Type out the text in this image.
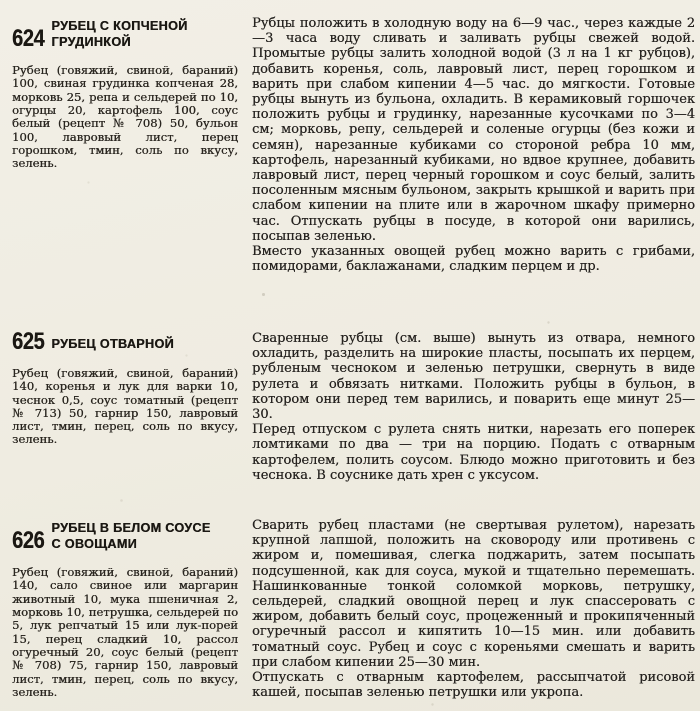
624 РУБЕЦ С КОПЧЕНОЙ
ГРУДИНКОЙ
Рубец (говяжий, свиной, бараний) 100, свиная грудинка копченая 28, морковь 25, репа и сельдерей по 10, огурцы 20, картофель 100, соус белый (рецепт № 708) 50, бульон 100, лавровый лист, перец горошком, тмин, соль по вкусу, зелень.

Рубцы положить в холодную воду на 6—9 час., через каждые 2—3 часа воду сливать и заливать рубцы свежей водой. Промытые рубцы залить холодной водой (3 л на 1 кг рубцов), добавить коренья, соль, лавровый лист, перец горошком и варить при слабом кипении 4—5 час. до мягкости. Готовые рубцы вынуть из бульона, охладить. В керамиковый горшочек положить рубцы и грудинку, нарезанные кусочками по 3—4 см; морковь, репу, сельдерей и соленые огурцы (без кожи и семян), нарезанные кубиками со стороной ребра 10 мм, картофель, нарезанный кубиками, но вдвое крупнее, добавить лавровый лист, перец черный горошком и соус белый, залить посоленным мясным бульоном, закрыть крышкой и варить при слабом кипении на плите или в жарочном шкафу примерно час. Отпускать рубцы в посуде, в которой они варились, посыпав зеленью.

Вместо указанных овощей рубец можно варить с грибами, помидорами, баклажанами, сладким перцем и др.

625 РУБЕЦ ОТВАРНОЙ
Рубец (говяжий, свиной, бараний) 140, коренья и лук для варки 10, чеснок 0,5, соус томатный (рецепт № 713) 50, гарнир 150, лавровый лист, тмин, перец, соль по вкусу, зелень.

Сваренные рубцы (см. выше) вынуть из отвара, немного охладить, разделить на широкие пласты, посыпать их перцем, рубленым чесноком и зеленью петрушки, свернуть в виде рулета и обвязать нитками. Положить рубцы в бульон, в котором они перед тем варились, и поварить еще минут 25—30.

Перед отпуском с рулета снять нитки, нарезать его поперек ломтиками по два — три на порцию. Подать с отварным картофелем, полить соусом. Блюдо можно приготовить и без чеснока. В соуснике дать хрен с уксусом.

626 РУБЕЦ В БЕЛОМ СОУСЕ
С ОВОЩАМИ
Рубец (говяжий, свиной, бараний) 140, сало свиное или маргарин животный 10, мука пшеничная 2, морковь 10, петрушка, сельдерей по 5, лук репчатый 15 или лук-порей 15, перец сладкий 10, рассол огуречный 20, соус белый (рецепт № 708) 75, гарнир 150, лавровый лист, тмин, перец, соль по вкусу, зелень.

Сварить рубец пластами (не свертывая рулетом), нарезать крупной лапшой, положить на сковороду или противень с жиром и, помешивая, слегка поджарить, затем посыпать подсушенной, как для соуса, мукой и тщательно перемешать. Нашинкованные тонкой соломкой морковь, петрушку, сельдерей, сладкий овощной перец и лук спассеровать с жиром, добавить белый соус, процеженный и прокипяченный огуречный рассол и кипятить 10—15 мин. или добавить томатный соус. Рубец и соус с кореньями смешать и варить при слабом кипении 25—30 мин.

Отпускать с отварным картофелем, рассыпчатой рисовой кашей, посыпав зеленью петрушки или укропа.
